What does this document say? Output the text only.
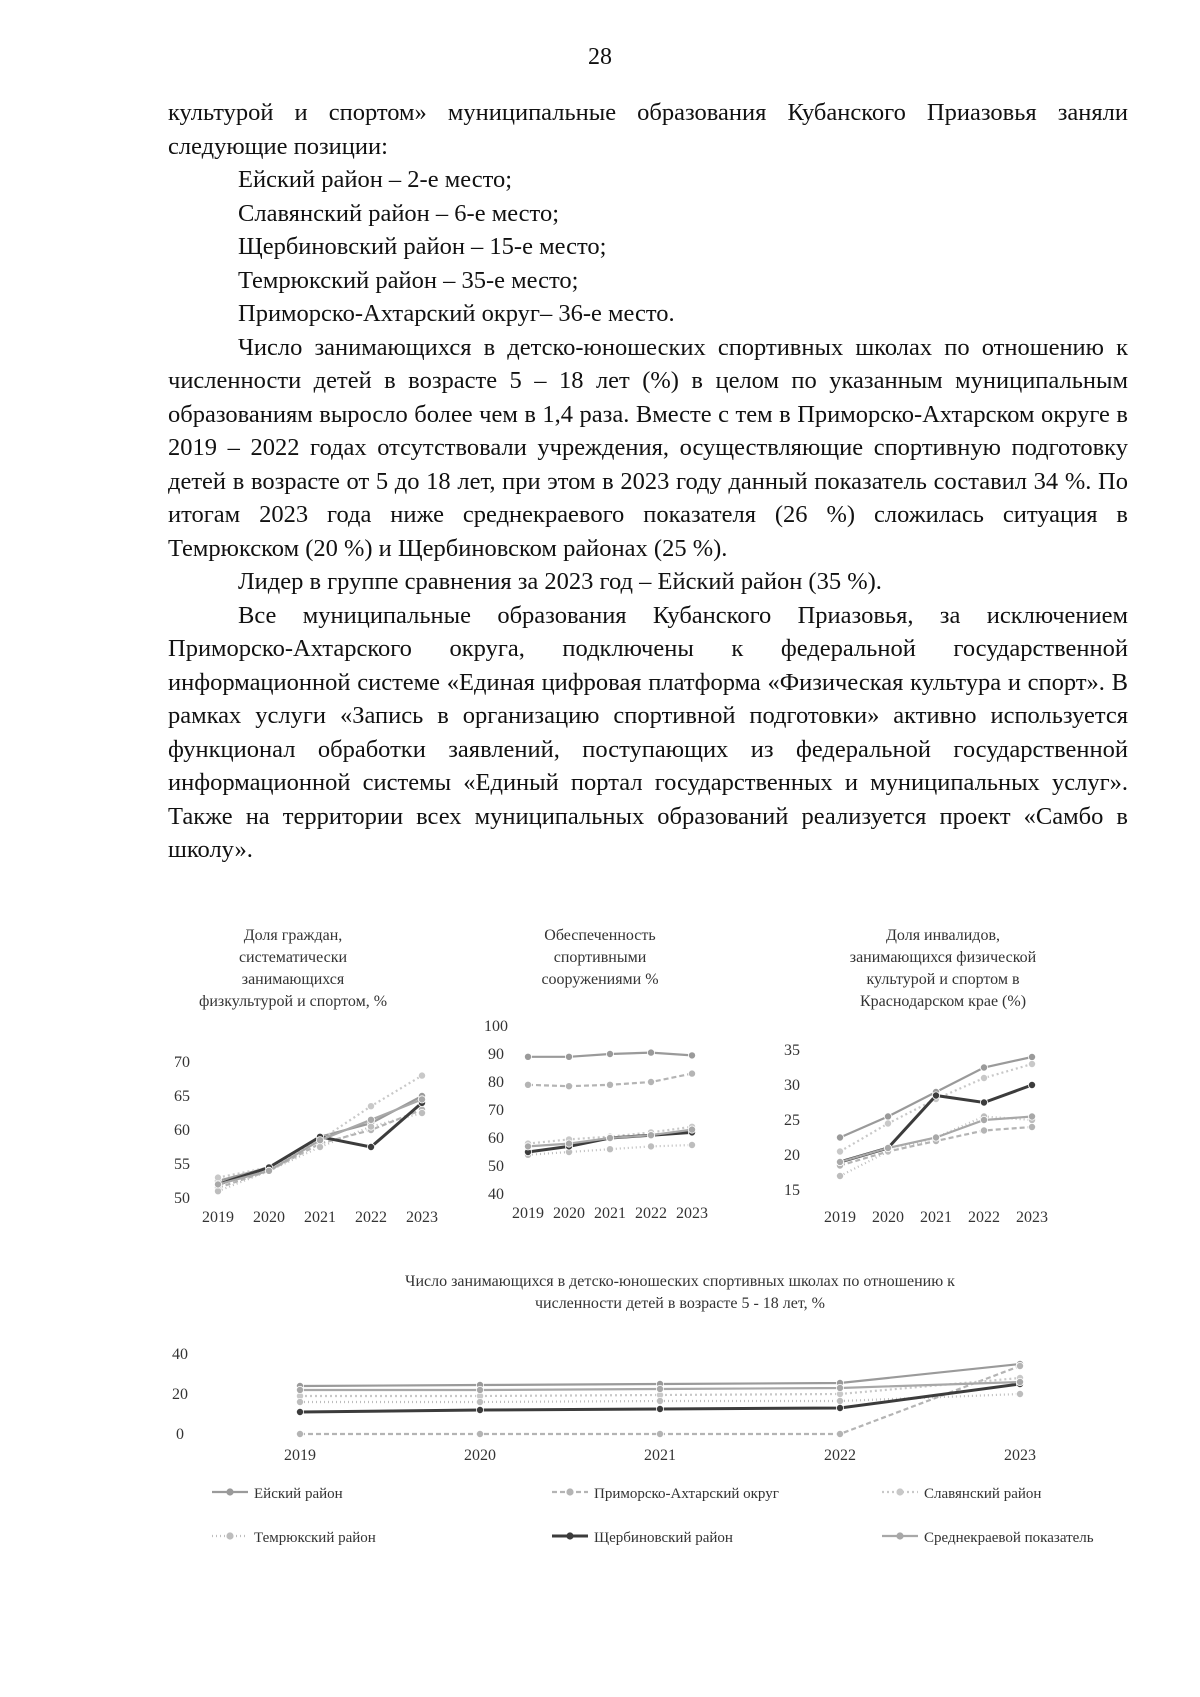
28

культурой и спортом» муниципальные образования Кубанского Приазовья заняли следующие позиции:

Ейский район – 2-е место;

Славянский район – 6-е место;

Щербиновский район – 15-е место;

Темрюкский район – 35-е место;

Приморско-Ахтарский округ– 36-е место.

Число занимающихся в детско-юношеских спортивных школах по отношению к численности детей в возрасте 5 – 18 лет (%) в целом по указанным муниципальным образованиям выросло более чем в 1,4 раза. Вместе с тем в Приморско-Ахтарском округе в 2019 – 2022 годах отсутствовали учреждения, осуществляющие спортивную подготовку детей в возрасте от 5 до 18 лет, при этом в 2023 году данный показатель составил 34 %. По итогам 2023 года ниже среднекраевого показателя (26 %) сложилась ситуация в Темрюкском (20 %) и Щербиновском районах (25 %).

Лидер в группе сравнения за 2023 год – Ейский район (35 %).

Все муниципальные образования Кубанского Приазовья, за исключением Приморско-Ахтарского округа, подключены к федеральной государственной информационной системе «Единая цифровая платформа «Физическая культура и спорт». В рамках услуги «Запись в организацию спортивной подготовки» активно используется функционал обработки заявлений, поступающих из федеральной государственной информационной системы «Единый портал государственных и муниципальных услуг». Также на территории всех муниципальных образований реализуется проект «Самбо в школу».

Доля граждан,
систематически
занимающихся
физкультурой и спортом, %
50
55
60
65
70
2019 2020 2021 2022 2023
Обеспеченность
спортивными
сооружениями %
40
50
60
70
80
90
100
2019 2020 2021 2022 2023
Доля инвалидов,
занимающихся физической
культурой и спортом в
Краснодарском крае (%)
15
20
25
30
35
2019 2020 2021 2022 2023
Число занимающихся в детско-юношеских спортивных школах по отношению к
численности детей в возрасте 5 - 18 лет, %
0
20
40
2019	2020	2021	2022	2023
Ейский район	Приморско-Ахтарский округ	Славянский район
Темрюкский район	Щербиновский район	Среднекраевой показатель
